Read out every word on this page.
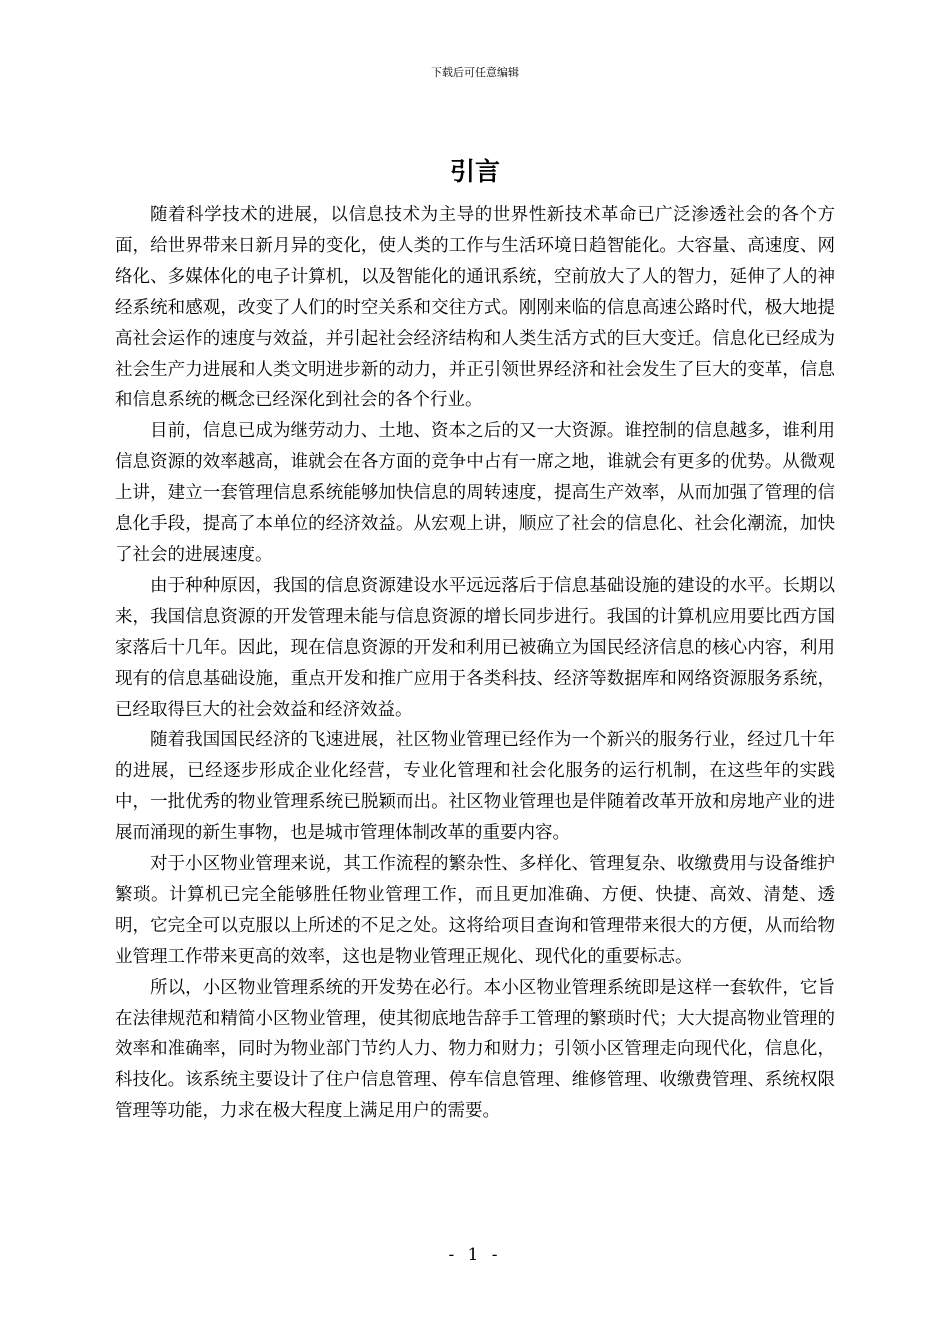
下载后可任意编辑
引言

随着科学技术的进展，以信息技术为主导的世界性新技术革命已广泛渗透社会的各个方面，给世界带来日新月异的变化，使人类的工作与生活环境日趋智能化。大容量、高速度、网络化、多媒体化的电子计算机，以及智能化的通讯系统，空前放大了人的智力，延伸了人的神经系统和感观，改变了人们的时空关系和交往方式。刚刚来临的信息高速公路时代，极大地提高社会运作的速度与效益，并引起社会经济结构和人类生活方式的巨大变迁。信息化已经成为社会生产力进展和人类文明进步新的动力，并正引领世界经济和社会发生了巨大的变革，信息和信息系统的概念已经深化到社会的各个行业。

目前，信息已成为继劳动力、土地、资本之后的又一大资源。谁控制的信息越多，谁利用信息资源的效率越高，谁就会在各方面的竞争中占有一席之地，谁就会有更多的优势。从微观上讲，建立一套管理信息系统能够加快信息的周转速度，提高生产效率，从而加强了管理的信息化手段，提高了本单位的经济效益。从宏观上讲，顺应了社会的信息化、社会化潮流，加快了社会的进展速度。

由于种种原因，我国的信息资源建设水平远远落后于信息基础设施的建设的水平。长期以来，我国信息资源的开发管理未能与信息资源的增长同步进行。我国的计算机应用要比西方国家落后十几年。因此，现在信息资源的开发和利用已被确立为国民经济信息的核心内容，利用现有的信息基础设施，重点开发和推广应用于各类科技、经济等数据库和网络资源服务系统，已经取得巨大的社会效益和经济效益。

随着我国国民经济的飞速进展，社区物业管理已经作为一个新兴的服务行业，经过几十年的进展，已经逐步形成企业化经营，专业化管理和社会化服务的运行机制，在这些年的实践中，一批优秀的物业管理系统已脱颖而出。社区物业管理也是伴随着改革开放和房地产业的进展而涌现的新生事物，也是城市管理体制改革的重要内容。

对于小区物业管理来说，其工作流程的繁杂性、多样化、管理复杂、收缴费用与设备维护繁琐。计算机已完全能够胜任物业管理工作，而且更加准确、方便、快捷、高效、清楚、透明，它完全可以克服以上所述的不足之处。这将给项目查询和管理带来很大的方便，从而给物业管理工作带来更高的效率，这也是物业管理正规化、现代化的重要标志。

所以，小区物业管理系统的开发势在必行。本小区物业管理系统即是这样一套软件，它旨在法律规范和精简小区物业管理，使其彻底地告辞手工管理的繁琐时代；大大提高物业管理的效率和准确率，同时为物业部门节约人力、物力和财力；引领小区管理走向现代化，信息化，科技化。该系统主要设计了住户信息管理、停车信息管理、维修管理、收缴费管理、系统权限管理等功能，力求在极大程度上满足用户的需要。

- 1 -
